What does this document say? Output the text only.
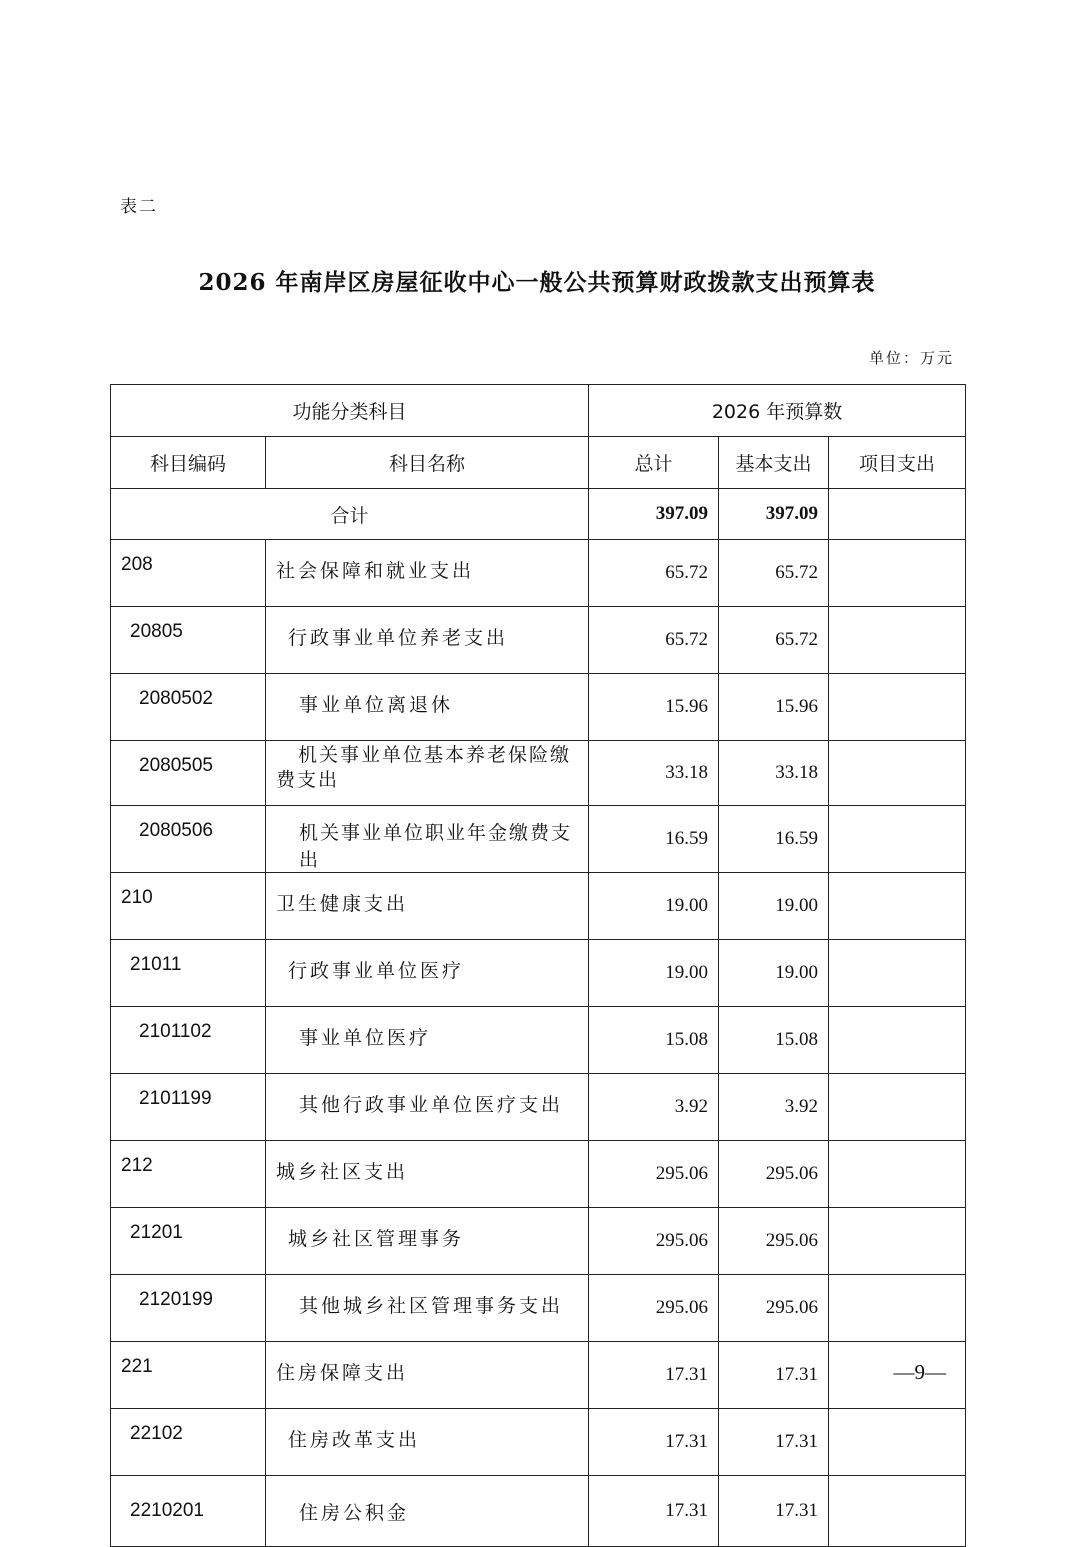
表二
2026 年南岸区房屋征收中心一般公共预算财政拨款支出预算表
单位：万元
功能分类科目		2026 年预算数		
科目编码	科目名称	总计	基本支出	项目支出
合计		397.09	397.09	
208	社会保障和就业支出	65.72	65.72	
20805	行政事业单位养老支出	65.72	65.72	
2080502	事业单位离退休	15.96	15.96	
2080505	机关事业单位基本养老保险缴费支出	33.18	33.18	
2080506	机关事业单位职业年金缴费支出	16.59	16.59	
210	卫生健康支出	19.00	19.00	
21011	行政事业单位医疗	19.00	19.00	
2101102	事业单位医疗	15.08	15.08	
2101199	其他行政事业单位医疗支出	3.92	3.92	
212	城乡社区支出	295.06	295.06	
21201	城乡社区管理事务	295.06	295.06	
2120199	其他城乡社区管理事务支出	295.06	295.06	
221	住房保障支出	17.31	17.31	
22102	住房改革支出	17.31	17.31	
2210201	住房公积金	17.31	17.31	
—9—
